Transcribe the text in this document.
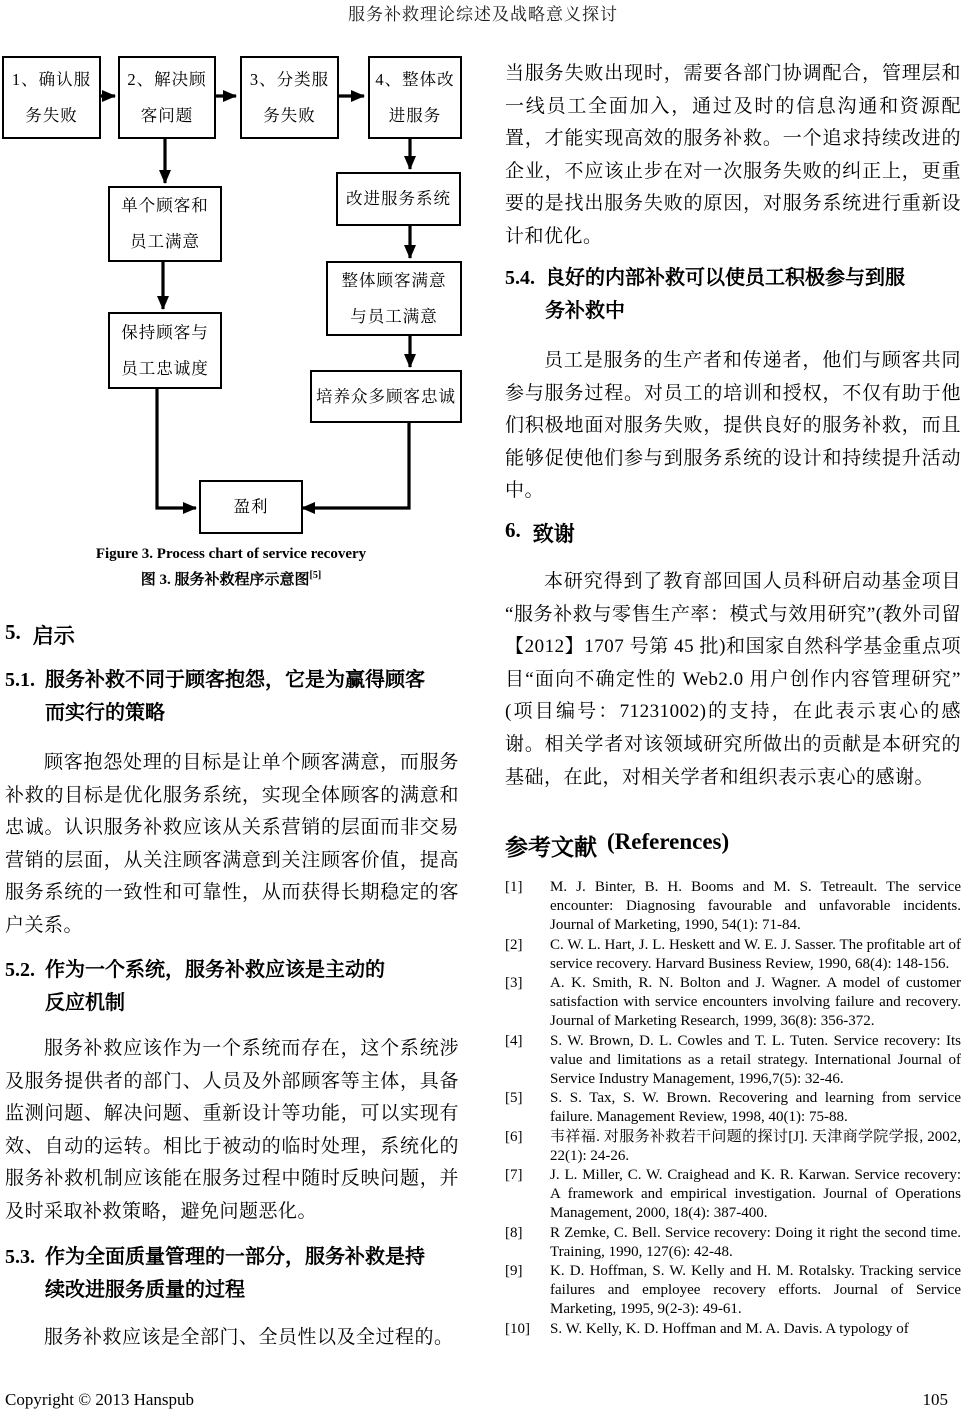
服务补救理论综述及战略意义探讨
1、确认服
务失败
2、解决顾
客问题
3、分类服
务失败
4、整体改
进服务
单个顾客和
员工满意
改进服务系统
整体顾客满意
与员工满意
保持顾客与
员工忠诚度
培养众多顾客忠诚
盈利
Figure 3. Process chart of service recovery
图 3. 服务补救程序示意图[5]
5. 启示
5.1. 服务补救不同于顾客抱怨，它是为赢得顾客
而实行的策略

顾客抱怨处理的目标是让单个顾客满意，而服务补救的目标是优化服务系统，实现全体顾客的满意和忠诚。认识服务补救应该从关系营销的层面而非交易营销的层面，从关注顾客满意到关注顾客价值，提高服务系统的一致性和可靠性，从而获得长期稳定的客户关系。

5.2. 作为一个系统，服务补救应该是主动的
反应机制

服务补救应该作为一个系统而存在，这个系统涉及服务提供者的部门、人员及外部顾客等主体，具备监测问题、解决问题、重新设计等功能，可以实现有效、自动的运转。相比于被动的临时处理，系统化的服务补救机制应该能在服务过程中随时反映问题，并及时采取补救策略，避免问题恶化。

5.3. 作为全面质量管理的一部分，服务补救是持
续改进服务质量的过程

服务补救应该是全部门、全员性以及全过程的。

当服务失败出现时，需要各部门协调配合，管理层和一线员工全面加入，通过及时的信息沟通和资源配置，才能实现高效的服务补救。一个追求持续改进的企业，不应该止步在对一次服务失败的纠正上，更重要的是找出服务失败的原因，对服务系统进行重新设计和优化。

5.4. 良好的内部补救可以使员工积极参与到服
务补救中

员工是服务的生产者和传递者，他们与顾客共同参与服务过程。对员工的培训和授权，不仅有助于他们积极地面对服务失败，提供良好的服务补救，而且能够促使他们参与到服务系统的设计和持续提升活动中。

6. 致谢

本研究得到了教育部回国人员科研启动基金项目“服务补救与零售生产率：模式与效用研究”(教外司留【2012】1707 号第 45 批)和国家自然科学基金重点项目“面向不确定性的 Web2.0 用户创作内容管理研究”(项目编号：71231002)的支持，在此表示衷心的感谢。相关学者对该领域研究所做出的贡献是本研究的基础，在此，对相关学者和组织表示衷心的感谢。

参考文献 (References)
[1]	M. J. Binter, B. H. Booms and M. S. Tetreault. The service encounter: Diagnosing favourable and unfavorable incidents. Journal of Marketing, 1990, 54(1): 71-84.
[2]	C. W. L. Hart, J. L. Heskett and W. E. J. Sasser. The profitable art of service recovery. Harvard Business Review, 1990, 68(4): 148-156.
[3]	A. K. Smith, R. N. Bolton and J. Wagner. A model of customer satisfaction with service encounters involving failure and recovery. Journal of Marketing Research, 1999, 36(8): 356-372.
[4]	S. W. Brown, D. L. Cowles and T. L. Tuten. Service recovery: Its value and limitations as a retail strategy. International Journal of Service Industry Management, 1996,7(5): 32-46.
[5]	S. S. Tax, S. W. Brown. Recovering and learning from service failure. Management Review, 1998, 40(1): 75-88.
[6]	韦祥福. 对服务补救若干问题的探讨[J]. 天津商学院学报, 2002, 22(1): 24-26.
[7]	J. L. Miller, C. W. Craighead and K. R. Karwan. Service recovery: A framework and empirical investigation. Journal of Operations Management, 2000, 18(4): 387-400.
[8]	R Zemke, C. Bell. Service recovery: Doing it right the second time. Training, 1990, 127(6): 42-48.
[9]	K. D. Hoffman, S. W. Kelly and H. M. Rotalsky. Tracking service failures and employee recovery efforts. Journal of Service Marketing, 1995, 9(2-3): 49-61.
[10]	S. W. Kelly, K. D. Hoffman and M. A. Davis. A typology of
Copyright © 2013 Hanspub	105
